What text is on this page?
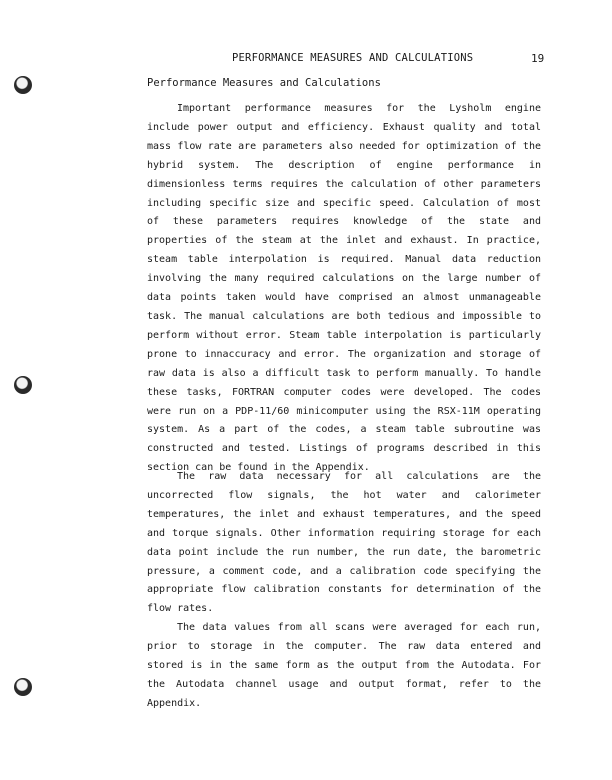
PERFORMANCE MEASURES AND CALCULATIONS	19
Performance Measures and Calculations
Important performance measures for the Lysholm engine
include power output and efficiency. Exhaust quality and total
mass flow rate are parameters also needed for optimization of the
hybrid system. The description of engine performance in
dimensionless terms requires the calculation of other parameters
including specific size and specific speed. Calculation of most
of these parameters requires knowledge of the state and
properties of the steam at the inlet and exhaust. In practice,
steam table interpolation is required. Manual data reduction
involving the many required calculations on the large number of
data points taken would have comprised an almost unmanageable
task. The manual calculations are both tedious and impossible to
perform without error. Steam table interpolation is particularly
prone to innaccuracy and error. The organization and storage of
raw data is also a difficult task to perform manually. To handle
these tasks, FORTRAN computer codes were developed. The codes
were run on a PDP-11/60 minicomputer using the RSX-11M operating
system. As a part of the codes, a steam table subroutine was
constructed and tested. Listings of programs described in this
section can be found in the Appendix.
The raw data necessary for all calculations are the
uncorrected flow signals, the hot water and calorimeter
temperatures, the inlet and exhaust temperatures, and the speed
and torque signals. Other information requiring storage for each
data point include the run number, the run date, the barometric
pressure, a comment code, and a calibration code specifying the
appropriate flow calibration constants for determination of the
flow rates.
The data values from all scans were averaged for each run,
prior to storage in the computer. The raw data entered and
stored is in the same form as the output from the Autodata. For
the Autodata channel usage and output format, refer to the
Appendix.
